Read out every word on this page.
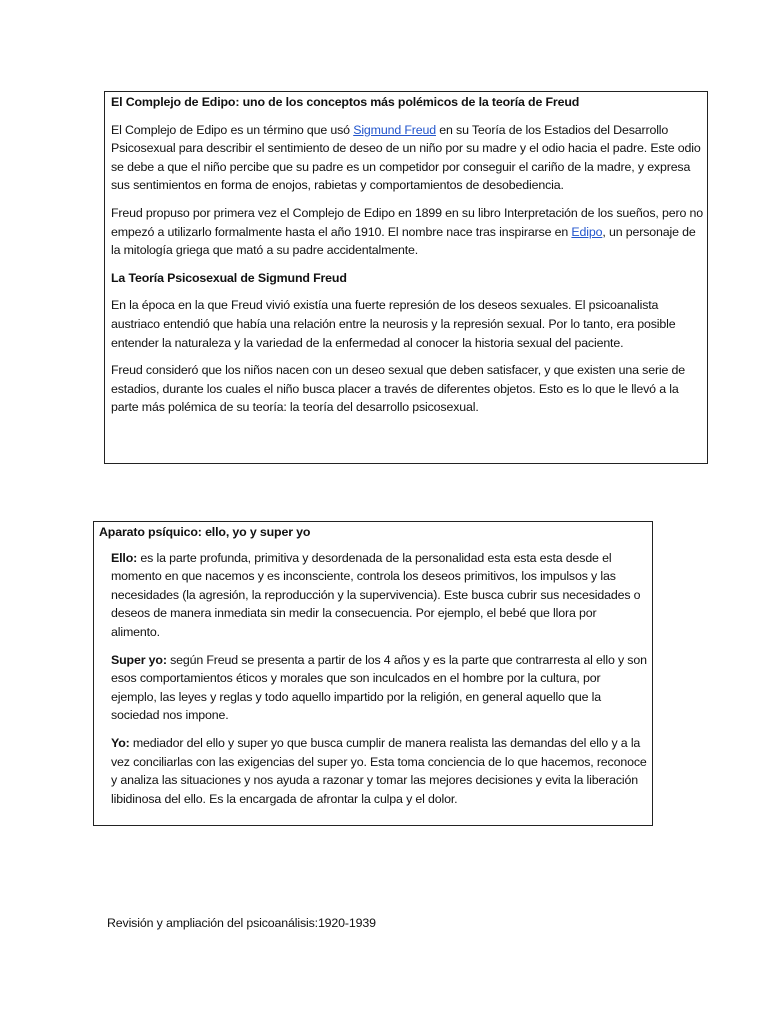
El Complejo de Edipo: uno de los conceptos más polémicos de la teoría de Freud

El Complejo de Edipo es un término que usó Sigmund Freud en su Teoría de los Estadios del Desarrollo Psicosexual para describir el sentimiento de deseo de un niño por su madre y el odio hacia el padre. Este odio se debe a que el niño percibe que su padre es un competidor por conseguir el cariño de la madre, y expresa sus sentimientos en forma de enojos, rabietas y comportamientos de desobediencia.

Freud propuso por primera vez el Complejo de Edipo en 1899 en su libro Interpretación de los sueños, pero no empezó a utilizarlo formalmente hasta el año 1910. El nombre nace tras inspirarse en Edipo, un personaje de la mitología griega que mató a su padre accidentalmente.

La Teoría Psicosexual de Sigmund Freud

En la época en la que Freud vivió existía una fuerte represión de los deseos sexuales. El psicoanalista austriaco entendió que había una relación entre la neurosis y la represión sexual. Por lo tanto, era posible entender la naturaleza y la variedad de la enfermedad al conocer la historia sexual del paciente.

Freud consideró que los niños nacen con un deseo sexual que deben satisfacer, y que existen una serie de estadios, durante los cuales el niño busca placer a través de diferentes objetos. Esto es lo que le llevó a la parte más polémica de su teoría: la teoría del desarrollo psicosexual.

Aparato psíquico: ello, yo y super yo

Ello: es la parte profunda, primitiva y desordenada de la personalidad esta esta esta desde el momento en que nacemos y es inconsciente, controla los deseos primitivos, los impulsos y las necesidades (la agresión, la reproducción y la supervivencia). Este busca cubrir sus necesidades o deseos de manera inmediata sin medir la consecuencia. Por ejemplo, el bebé que llora por alimento.

Super yo: según Freud se presenta a partir de los 4 años y es la parte que contrarresta al ello y son esos comportamientos éticos y morales que son inculcados en el hombre por la cultura, por ejemplo, las leyes y reglas y todo aquello impartido por la religión, en general aquello que la sociedad nos impone.

Yo: mediador del ello y super yo que busca cumplir de manera realista las demandas del ello y a la vez conciliarlas con las exigencias del super yo. Esta toma conciencia de lo que hacemos, reconoce y analiza las situaciones y nos ayuda a razonar y tomar las mejores decisiones y evita la liberación libidinosa del ello. Es la encargada de afrontar la culpa y el dolor.

Revisión y ampliación del psicoanálisis:1920-1939
